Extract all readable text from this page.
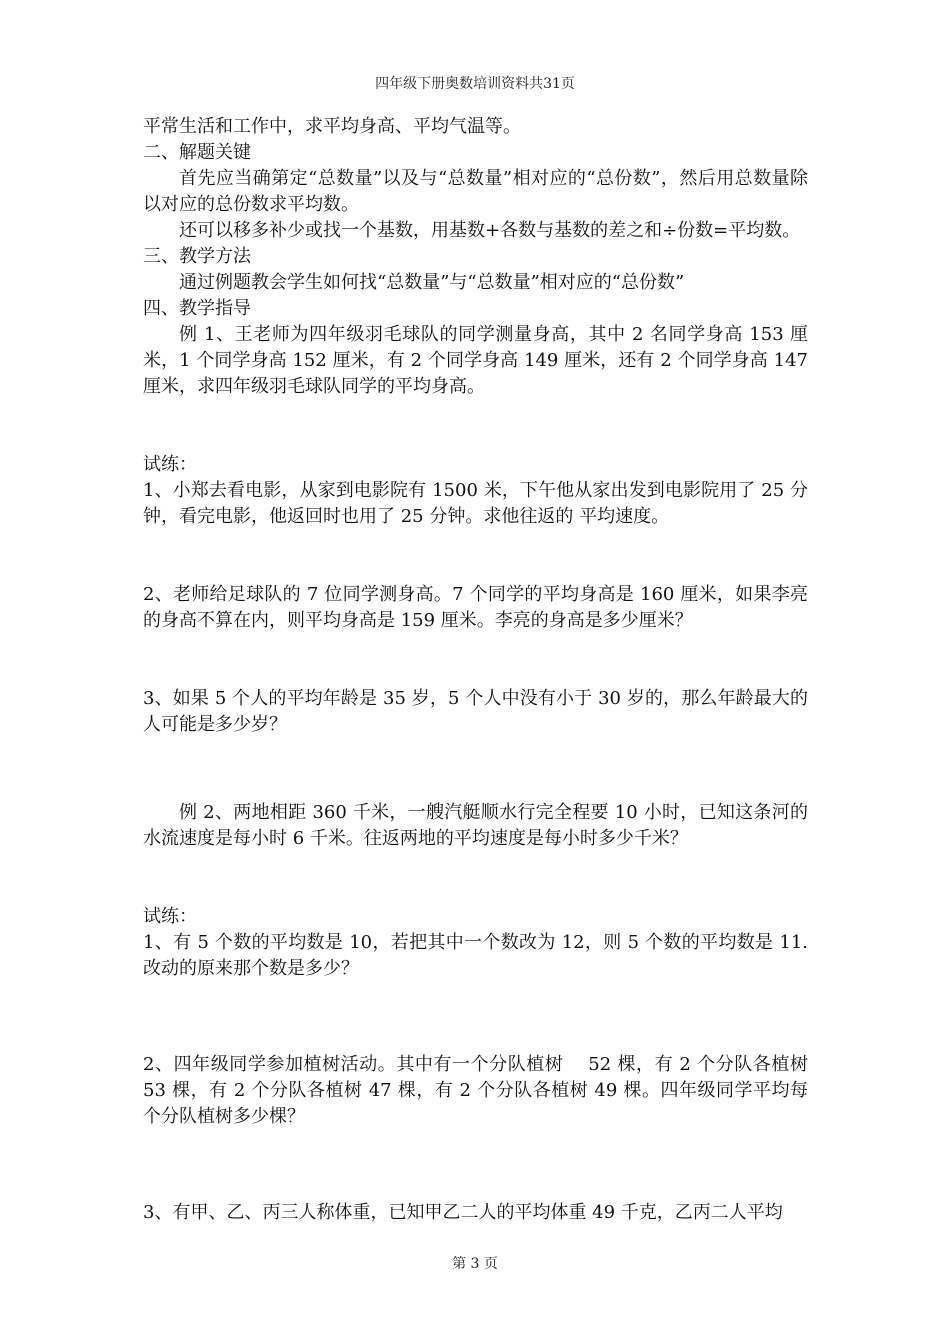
四年级下册奥数培训资料共31页

平常生活和工作中，求平均身高、平均气温等。

二、解题关键

首先应当确第定“总数量”以及与“总数量”相对应的“总份数”，然后用总数量除以对应的总份数求平均数。

还可以移多补少或找一个基数，用基数+各数与基数的差之和÷份数=平均数。

三、教学方法

通过例题教会学生如何找“总数量”与“总数量”相对应的“总份数”

四、教学指导

例 1、王老师为四年级羽毛球队的同学测量身高，其中 2 名同学身高 153 厘米，1 个同学身高 152 厘米，有 2 个同学身高 149 厘米，还有 2 个同学身高 147 厘米，求四年级羽毛球队同学的平均身高。

试练：

1、小郑去看电影，从家到电影院有 1500 米，下午他从家出发到电影院用了 25 分钟，看完电影，他返回时也用了 25 分钟。求他往返的 平均速度。

2、老师给足球队的 7 位同学测身高。7 个同学的平均身高是 160 厘米，如果李亮的身高不算在内，则平均身高是 159 厘米。李亮的身高是多少厘米？

3、如果 5 个人的平均年龄是 35 岁，5 个人中没有小于 30 岁的，那么年龄最大的人可能是多少岁？

例 2、两地相距 360 千米，一艘汽艇顺水行完全程要 10 小时，已知这条河的水流速度是每小时 6 千米。往返两地的平均速度是每小时多少千米？

试练：

1、有 5 个数的平均数是 10，若把其中一个数改为 12，则 5 个数的平均数是 11.改动的原来那个数是多少？

2、四年级同学参加植树活动。其中有一个分队植树　 52 棵，有 2 个分队各植树 53 棵，有 2 个分队各植树 47 棵，有 2 个分队各植树 49 棵。四年级同学平均每个分队植树多少棵？

3、有甲、乙、丙三人称体重，已知甲乙二人的平均体重 49 千克，乙丙二人平均

第 3 页
